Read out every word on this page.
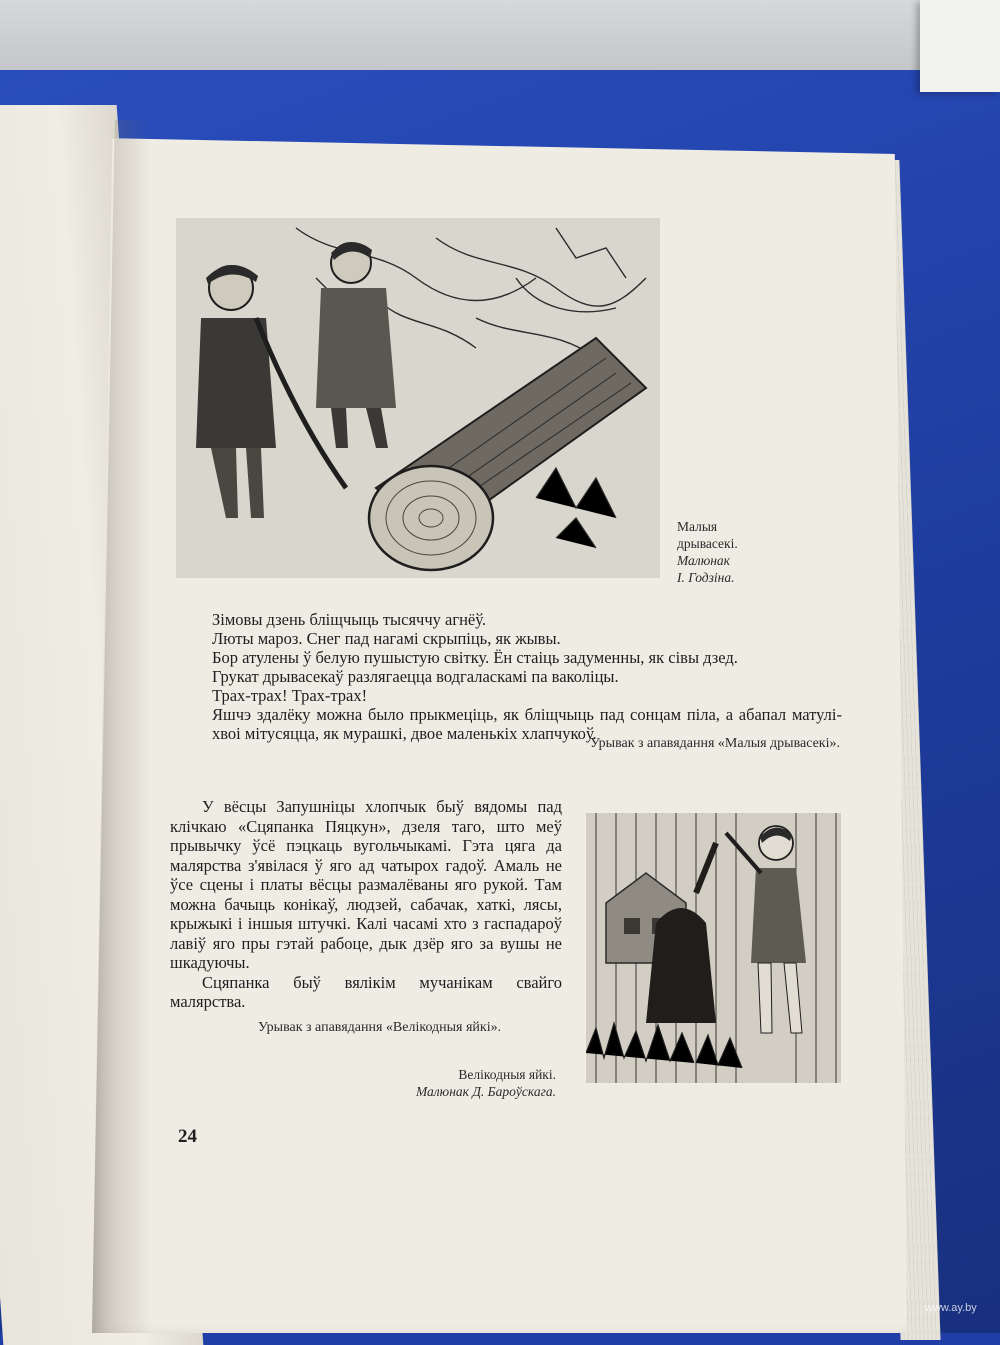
Малыя
дрывасекі.
Малюнак
І. Годзіна.

Зімовы дзень бліщчыць тысяччу агнёў.

Люты мароз. Снег пад нагамі скрыпіць, як жывы.

Бор атулены ў белую пушыстую світку. Ён стаіць задуменны, як сівы дзед.

Грукат дрывасекаў разлягаецца водгаласкамі па ваколіцы.

Трах-трах! Трах-трах!

Яшчэ здалёку можна было прыкмеціць, як бліщчыць пад сонцам піла, а абапал матулі-хвоі мітусяцца, як мурашкі, двое маленькіх хлапчукоў.

Урывак з апавядання «Малыя дрывасекі».

У вёсцы Запушніцы хлопчык быў вядомы пад клічкаю «Сцяпанка Пяцкун», дзеля таго, што меў прывычку ўсё пэцкаць вугольчыкамі. Гэта цяга да малярства з'явілася ў яго ад чатырох гадоў. Амаль не ўсе сцены і платы вёсцы размалёваны яго рукой. Там можна бачыць конікаў, людзей, сабачак, хаткі, лясы, крыжыкі і іншыя штучкі. Калі часамі хто з гаспадароў лавіў яго пры гэтай рабоце, дык дзёр яго за вушы не шкадуючы.

Сцяпанка быў вялікім мучанікам свайго малярства.

Урывак з апавядання «Велікодныя яйкі».
Велікодныя яйкі.
Малюнак Д. Бароўскага.
24
www.ay.by
